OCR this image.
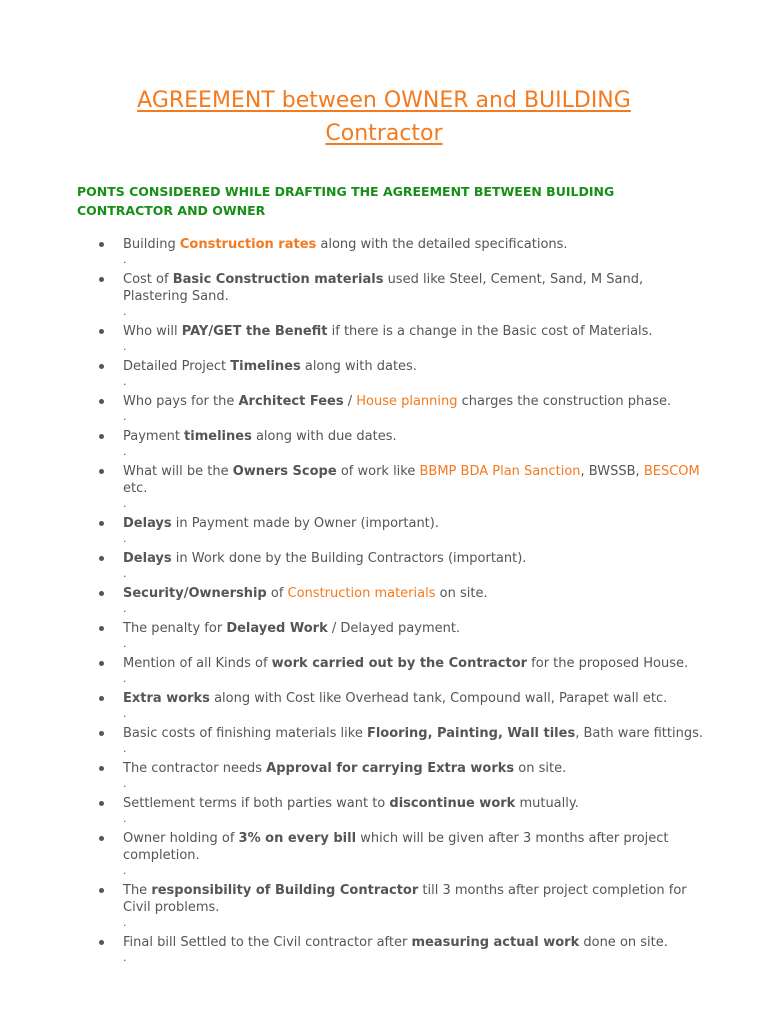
AGREEMENT between OWNER and BUILDING
Contractor
PONTS CONSIDERED WHILE DRAFTING THE AGREEMENT BETWEEN BUILDING CONTRACTOR AND OWNER
Building Construction rates along with the detailed specifications.
.
Cost of Basic Construction materials used like Steel, Cement, Sand, M Sand, Plastering Sand.
.
Who will PAY/GET the Benefit if there is a change in the Basic cost of Materials.
.
Detailed Project Timelines along with dates.
.
Who pays for the Architect Fees / House planning charges the construction phase.
.
Payment timelines along with due dates.
.
What will be the Owners Scope of work like BBMP BDA Plan Sanction, BWSSB, BESCOM etc.
.
Delays in Payment made by Owner (important).
.
Delays in Work done by the Building Contractors (important).
.
Security/Ownership of Construction materials on site.
.
The penalty for Delayed Work / Delayed payment.
.
Mention of all Kinds of work carried out by the Contractor for the proposed House.
.
Extra works along with Cost like Overhead tank, Compound wall, Parapet wall etc.
.
Basic costs of finishing materials like Flooring, Painting, Wall tiles, Bath ware fittings.
.
The contractor needs Approval for carrying Extra works on site.
.
Settlement terms if both parties want to discontinue work mutually.
.
Owner holding of 3% on every bill which will be given after 3 months after project completion.
.
The responsibility of Building Contractor till 3 months after project completion for Civil problems.
.
Final bill Settled to the Civil contractor after measuring actual work done on site.
.
